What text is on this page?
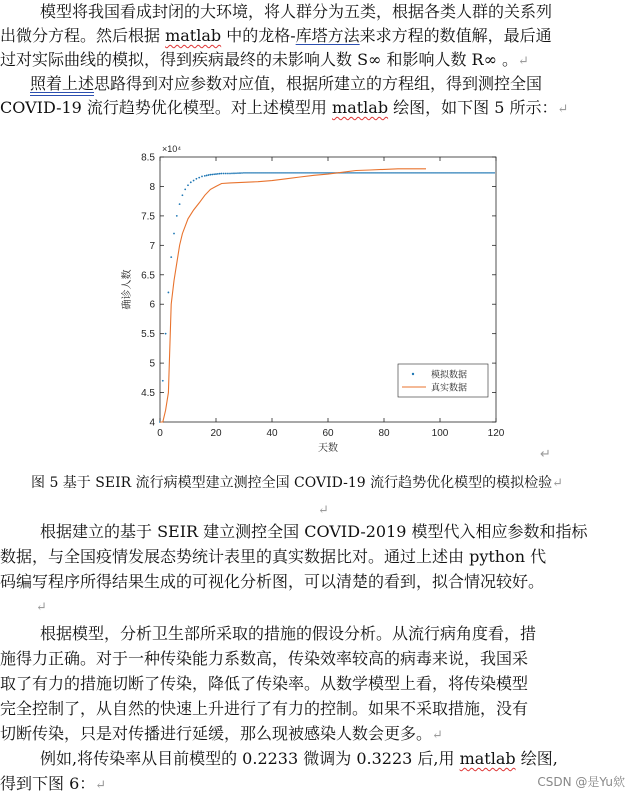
模型将我国看成封闭的大环境，将人群分为五类，根据各类人群的关系列
出微分方程。然后根据 matlab 中的龙格-库塔方法来求方程的数值解，最后通
过对实际曲线的模拟，得到疾病最终的未影响人数 S∞ 和影响人数 R∞ 。↵
照着上述思路得到对应参数对应值，根据所建立的方程组，得到测控全国
COVID-19 流行趋势优化模型。对上述模型用 matlab 绘图，如下图 5 所示：↵
0	20	40	60	80	100	120
4
4.5
5
5.5
6
6.5
7
7.5
8
8.5
×10⁴
天数
确诊人数
模拟数据
真实数据
↵
图 5 基于 SEIR 流行病模型建立测控全国 COVID-19 流行趋势优化模型的模拟检验↵
↵
根据建立的基于 SEIR 建立测控全国 COVID-2019 模型代入相应参数和指标
数据，与全国疫情发展态势统计表里的真实数据比对。通过上述由 python 代
码编写程序所得结果生成的可视化分析图，可以清楚的看到，拟合情况较好。
↵
根据模型，分析卫生部所采取的措施的假设分析。从流行病角度看，措
施得力正确。对于一种传染能力系数高，传染效率较高的病毒来说，我国采
取了有力的措施切断了传染，降低了传染率。从数学模型上看，将传染模型
完全控制了，从自然的快速上升进行了有力的控制。如果不采取措施，没有
切断传染，只是对传播进行延缓，那么现被感染人数会更多。↵
例如,将传染率从目前模型的 0.2233 微调为 0.3223 后,用 matlab 绘图,
得到下图 6：↵	CSDN @是Yu欸
